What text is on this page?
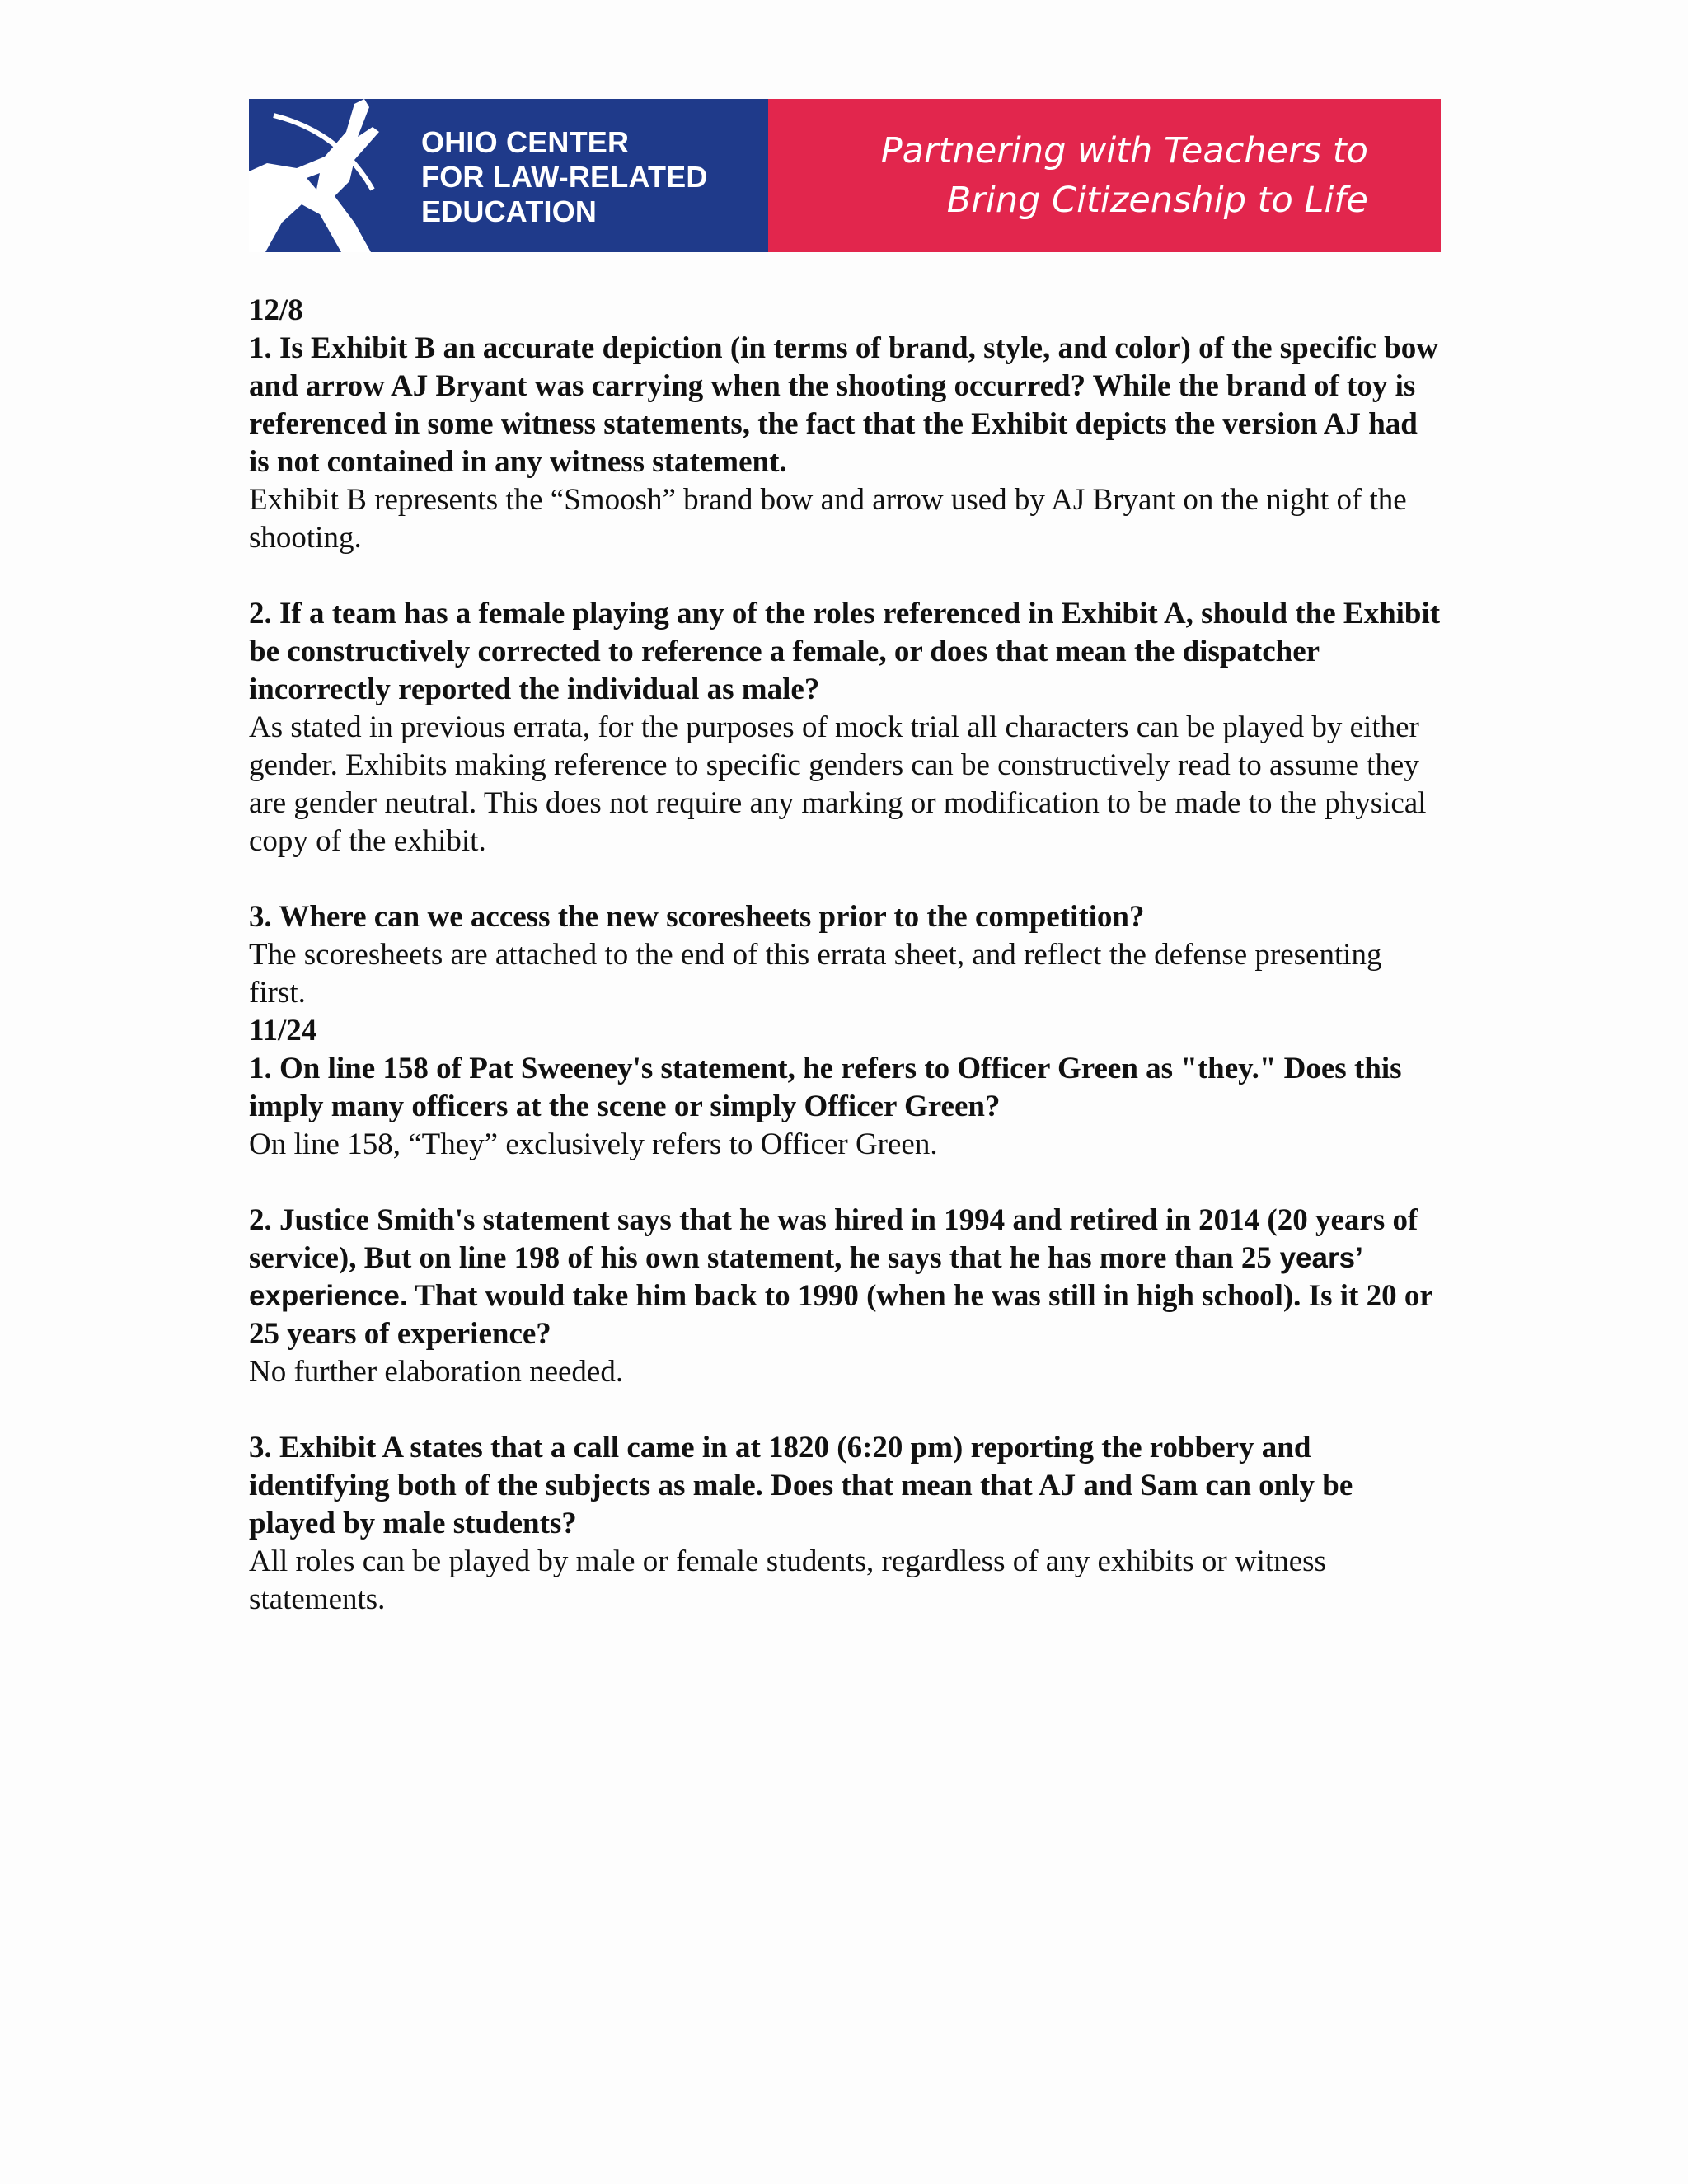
OHIO CENTER
FOR LAW-RELATED
EDUCATION
Partnering with Teachers to
Bring Citizenship to Life

12/8

1. Is Exhibit B an accurate depiction (in terms of brand, style, and color) of the specific bow and arrow AJ Bryant was carrying when the shooting occurred? While the brand of toy is referenced in some witness statements, the fact that the Exhibit depicts the version AJ had is not contained in any witness statement.

Exhibit B represents the “Smoosh” brand bow and arrow used by AJ Bryant on the night of the shooting.

2. If a team has a female playing any of the roles referenced in Exhibit A, should the Exhibit be constructively corrected to reference a female, or does that mean the dispatcher incorrectly reported the individual as male?

As stated in previous errata, for the purposes of mock trial all characters can be played by either gender. Exhibits making reference to specific genders can be constructively read to assume they are gender neutral. This does not require any marking or modification to be made to the physical copy of the exhibit.

3. Where can we access the new scoresheets prior to the competition?

The scoresheets are attached to the end of this errata sheet, and reflect the defense presenting first.

11/24

1. On line 158 of Pat Sweeney's statement, he refers to Officer Green as "they." Does this imply many officers at the scene or simply Officer Green?

On line 158, “They” exclusively refers to Officer Green.

2. Justice Smith's statement says that he was hired in 1994 and retired in 2014 (20 years of service), But on line 198 of his own statement, he says that he has more than 25 years’ experience. That would take him back to 1990 (when he was still in high school). Is it 20 or 25 years of experience?

No further elaboration needed.

3. Exhibit A states that a call came in at 1820 (6:20 pm) reporting the robbery and identifying both of the subjects as male. Does that mean that AJ and Sam can only be played by male students?

All roles can be played by male or female students, regardless of any exhibits or witness statements.
